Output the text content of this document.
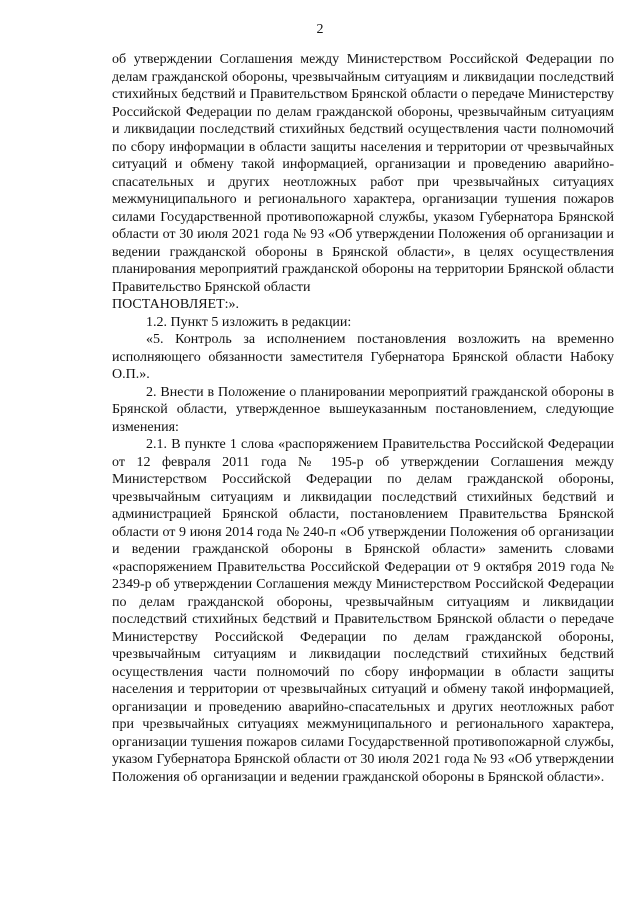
2

об утверждении Соглашения между Министерством Российской Федерации по делам гражданской обороны, чрезвычайным ситуациям и ликвидации последствий стихийных бедствий и Правительством Брянской области о передаче Министерству Российской Федерации по делам гражданской обороны, чрезвычайным ситуациям и ликвидации последствий стихийных бедствий осуществления части полномочий по сбору информации в области защиты населения и территории от чрезвычайных ситуаций и обмену такой информацией, организации и проведению аварийно-спасательных и других неотложных работ при чрезвычайных ситуациях межмуниципального и регионального характера, организации тушения пожаров силами Государственной противопожарной службы, указом Губернатора Брянской области от 30 июля 2021 года № 93 «Об утверждении Положения об организации и ведении гражданской обороны в Брянской области», в целях осуществления планирования мероприятий гражданской обороны на территории Брянской области Правительство Брянской области

ПОСТАНОВЛЯЕТ:».

1.2. Пункт 5 изложить в редакции:

«5. Контроль за исполнением постановления возложить на временно исполняющего обязанности заместителя Губернатора Брянской области Набоку О.П.».

2. Внести в Положение о планировании мероприятий гражданской обороны в Брянской области, утвержденное вышеуказанным постановлением, следующие изменения:

2.1. В пункте 1 слова «распоряжением Правительства Российской Федерации от 12 февраля 2011 года № 195-р об утверждении Соглашения между Министерством Российской Федерации по делам гражданской обороны, чрезвычайным ситуациям и ликвидации последствий стихийных бедствий и администрацией Брянской области, постановлением Правительства Брянской области от 9 июня 2014 года № 240-п «Об утверждении Положения об организации и ведении гражданской обороны в Брянской области» заменить словами «распоряжением Правительства Российской Федерации от 9 октября 2019 года № 2349-р об утверждении Соглашения между Министерством Российской Федерации по делам гражданской обороны, чрезвычайным ситуациям и ликвидации последствий стихийных бедствий и Правительством Брянской области о передаче Министерству Российской Федерации по делам гражданской обороны, чрезвычайным ситуациям и ликвидации последствий стихийных бедствий осуществления части полномочий по сбору информации в области защиты населения и территории от чрезвычайных ситуаций и обмену такой информацией, организации и проведению аварийно-спасательных и других неотложных работ при чрезвычайных ситуациях межмуниципального и регионального характера, организации тушения пожаров силами Государственной противопожарной службы, указом Губернатора Брянской области от 30 июля 2021 года № 93 «Об утверждении Положения об организации и ведении гражданской обороны в Брянской области».
